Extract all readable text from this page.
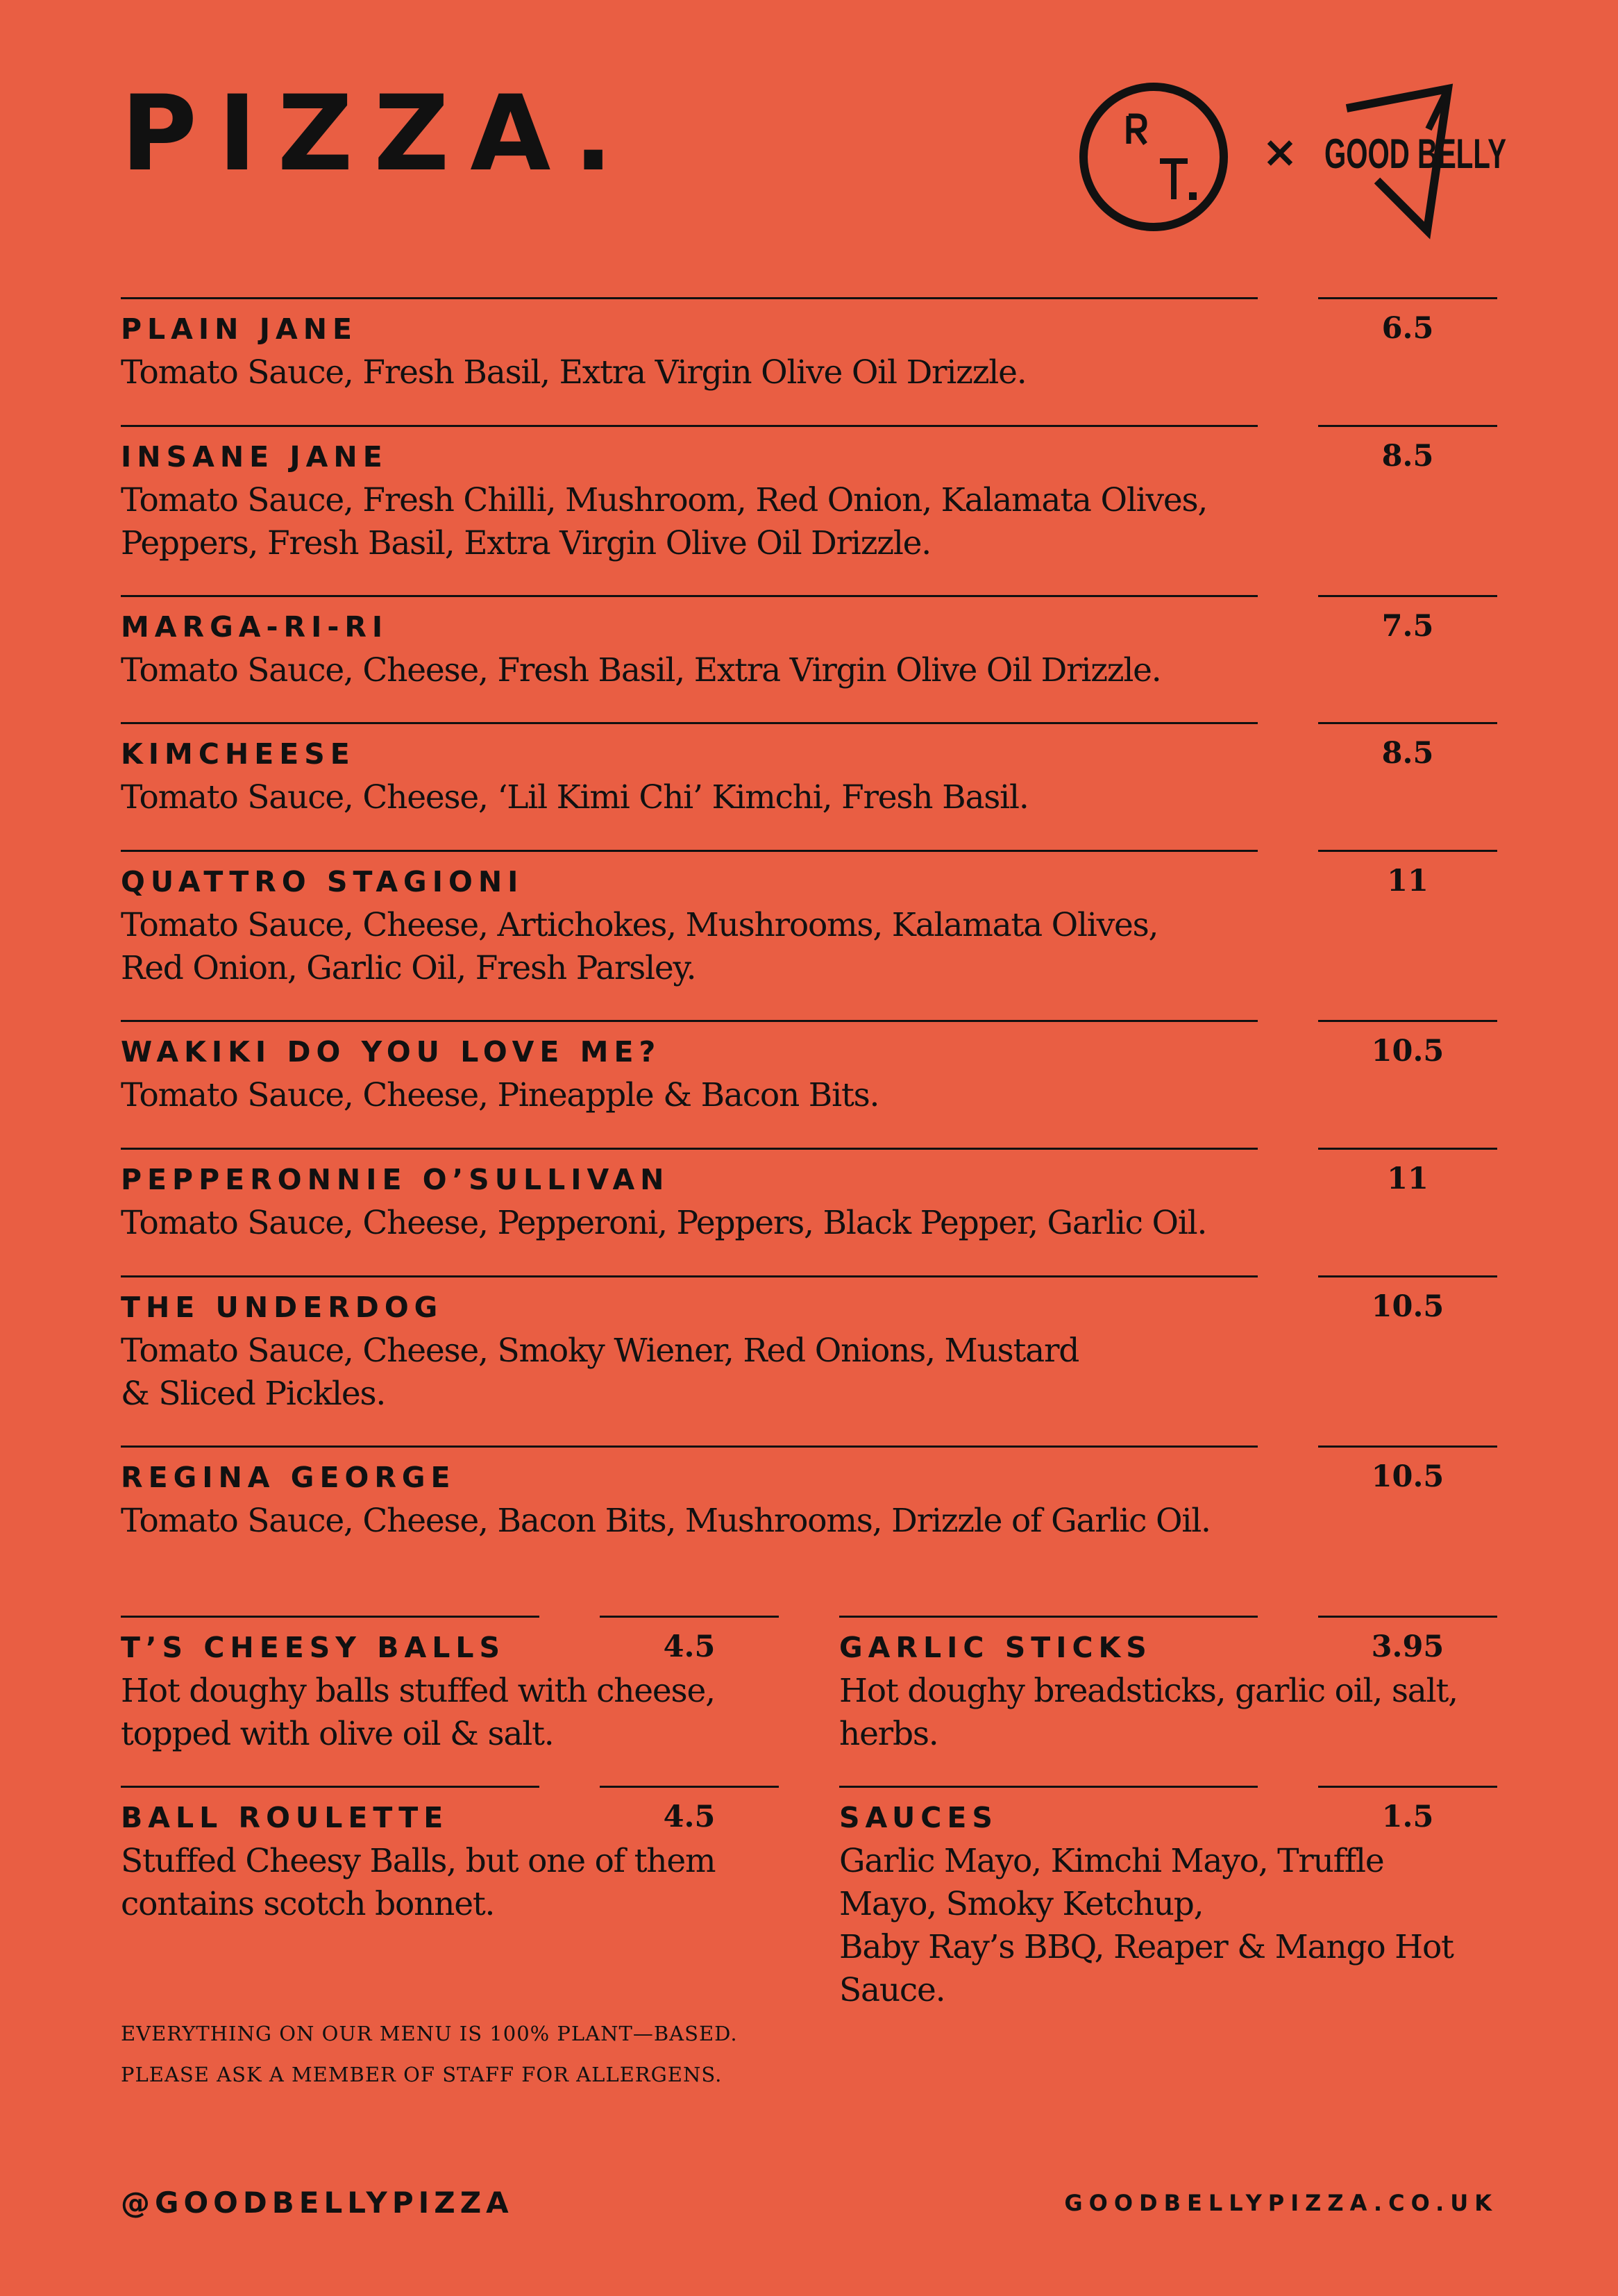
PIZZA.
RT.
× GOOD BELLY
PLAIN JANE	6.5

Tomato Sauce, Fresh Basil, Extra Virgin Olive Oil Drizzle.

INSANE JANE	8.5

Tomato Sauce, Fresh Chilli, Mushroom, Red Onion, Kalamata Olives,
Peppers, Fresh Basil, Extra Virgin Olive Oil Drizzle.

MARGA-RI-RI	7.5

Tomato Sauce, Cheese, Fresh Basil, Extra Virgin Olive Oil Drizzle.

KIMCHEESE	8.5

Tomato Sauce, Cheese, ‘Lil Kimi Chi’ Kimchi, Fresh Basil.

QUATTRO STAGIONI	11

Tomato Sauce, Cheese, Artichokes, Mushrooms, Kalamata Olives,
Red Onion, Garlic Oil, Fresh Parsley.

WAKIKI DO YOU LOVE ME?	10.5

Tomato Sauce, Cheese, Pineapple & Bacon Bits.

PEPPERONNIE O’SULLIVAN	11

Tomato Sauce, Cheese, Pepperoni, Peppers, Black Pepper, Garlic Oil.

THE UNDERDOG	10.5

Tomato Sauce, Cheese, Smoky Wiener, Red Onions, Mustard
& Sliced Pickles.

REGINA GEORGE	10.5

Tomato Sauce, Cheese, Bacon Bits, Mushrooms, Drizzle of Garlic Oil.

T’S CHEESY BALLS	4.5

Hot doughy balls stuffed with cheese,
topped with olive oil & salt.

GARLIC STICKS	3.95

Hot doughy breadsticks, garlic oil, salt,
herbs.

BALL ROULETTE	4.5

Stuffed Cheesy Balls, but one of them
contains scotch bonnet.

SAUCES	1.5

Garlic Mayo, Kimchi Mayo, Truffle
Mayo, Smoky Ketchup,
Baby Ray’s BBQ, Reaper & Mango Hot
Sauce.

EVERYTHING ON OUR MENU IS 100% PLANT—BASED.

PLEASE ASK A MEMBER OF STAFF FOR ALLERGENS.

@GOODBELLYPIZZA	GOODBELLYPIZZA.CO.UK
